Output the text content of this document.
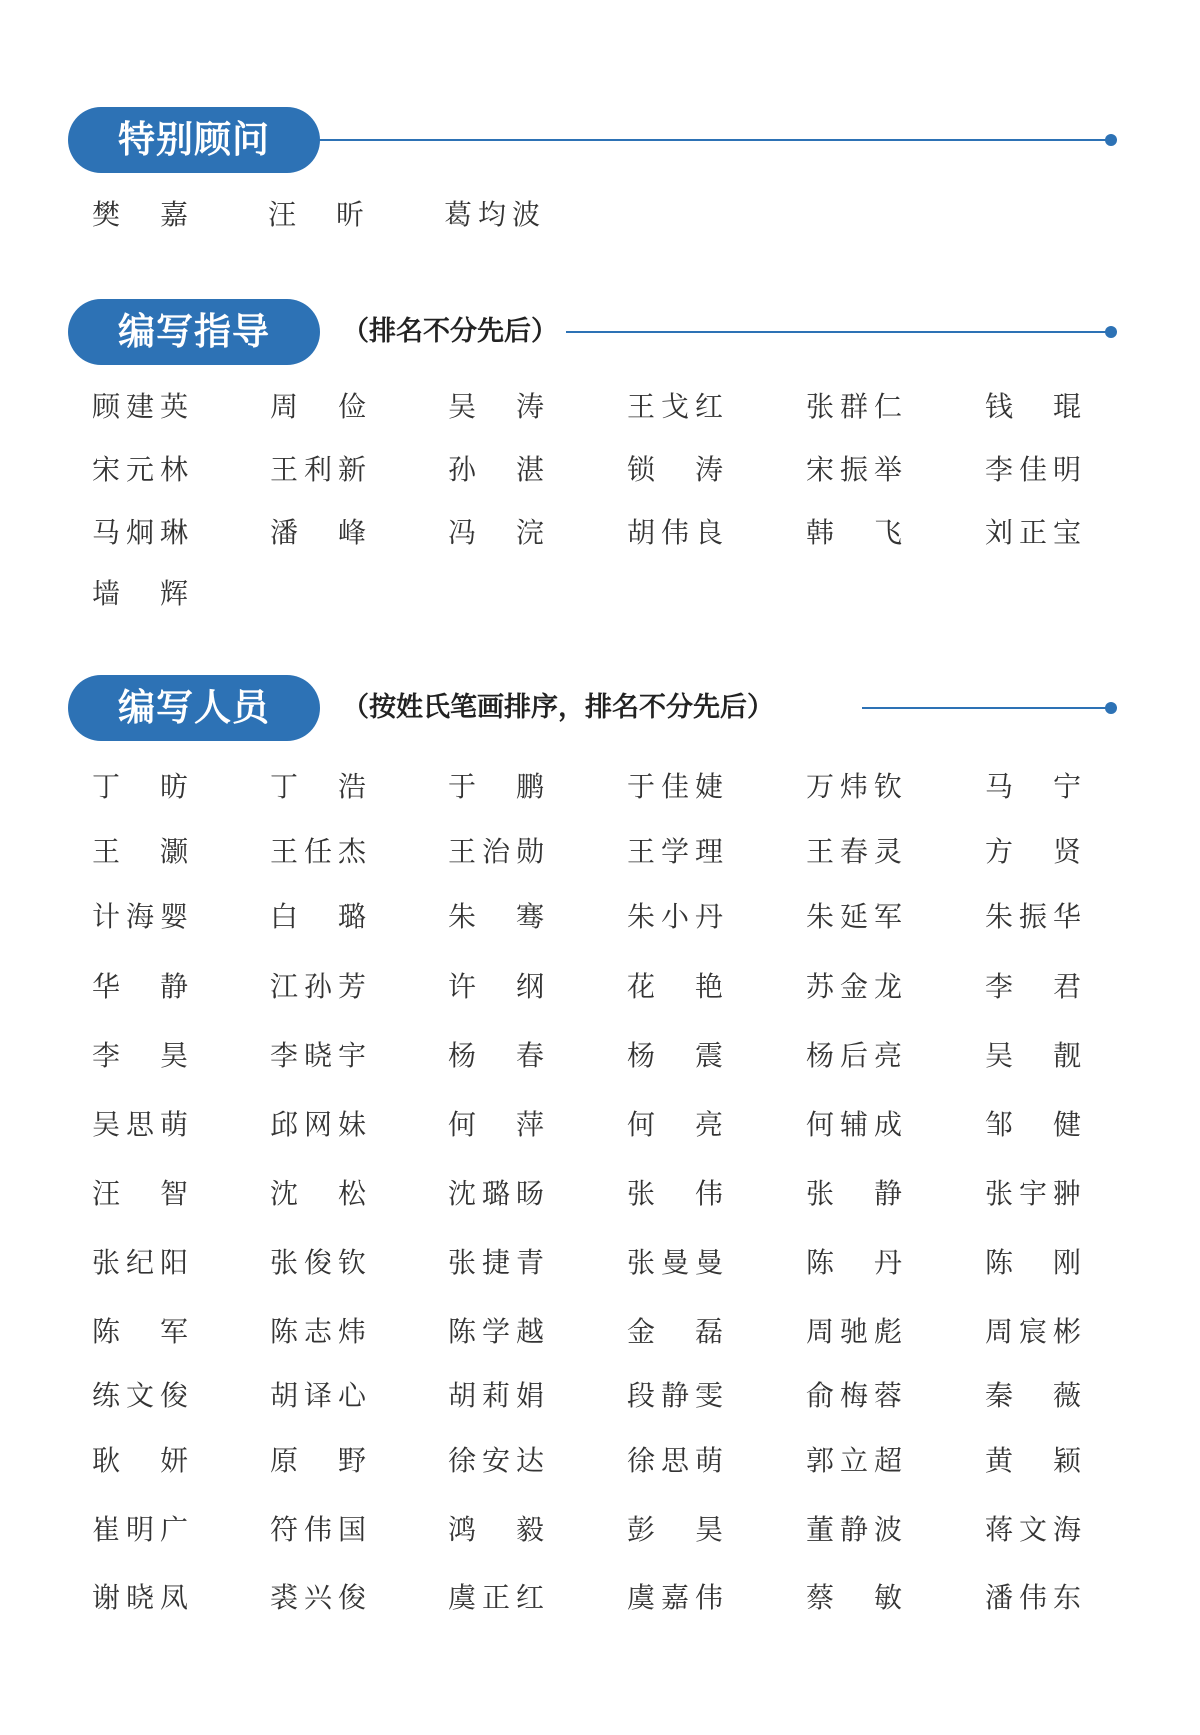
特别顾问
樊　嘉	汪　昕	葛均波
编写指导	（排名不分先后）
顾建英	周　俭	吴　涛	王戈红	张群仁	钱　琨
宋元林	王利新	孙　湛	锁　涛	宋振举	李佳明
马炯琳	潘　峰	冯　浣	胡伟良	韩　飞	刘正宝
墙　辉
编写人员	（按姓氏笔画排序，排名不分先后）
丁　昉	丁　浩	于　鹏	于佳婕	万炜钦	马　宁
王　灏	王任杰	王治勋	王学理	王春灵	方　贤
计海婴	白　璐	朱　骞	朱小丹	朱延军	朱振华
华　静	江孙芳	许　纲	花　艳	苏金龙	李　君
李　昊	李晓宇	杨　春	杨　震	杨后亮	吴　靓
吴思萌	邱网妹	何　萍	何　亮	何辅成	邹　健
汪　智	沈　松	沈璐旸	张　伟	张　静	张宇翀
张纪阳	张俊钦	张捷青	张曼曼	陈　丹	陈　刚
陈　军	陈志炜	陈学越	金　磊	周驰彪	周宸彬
练文俊	胡译心	胡莉娟	段静雯	俞梅蓉	秦　薇
耿　妍	原　野	徐安达	徐思萌	郭立超	黄　颖
崔明广	符伟国	鸿　毅	彭　昊	董静波	蒋文海
谢晓凤	裘兴俊	虞正红	虞嘉伟	蔡　敏	潘伟东
